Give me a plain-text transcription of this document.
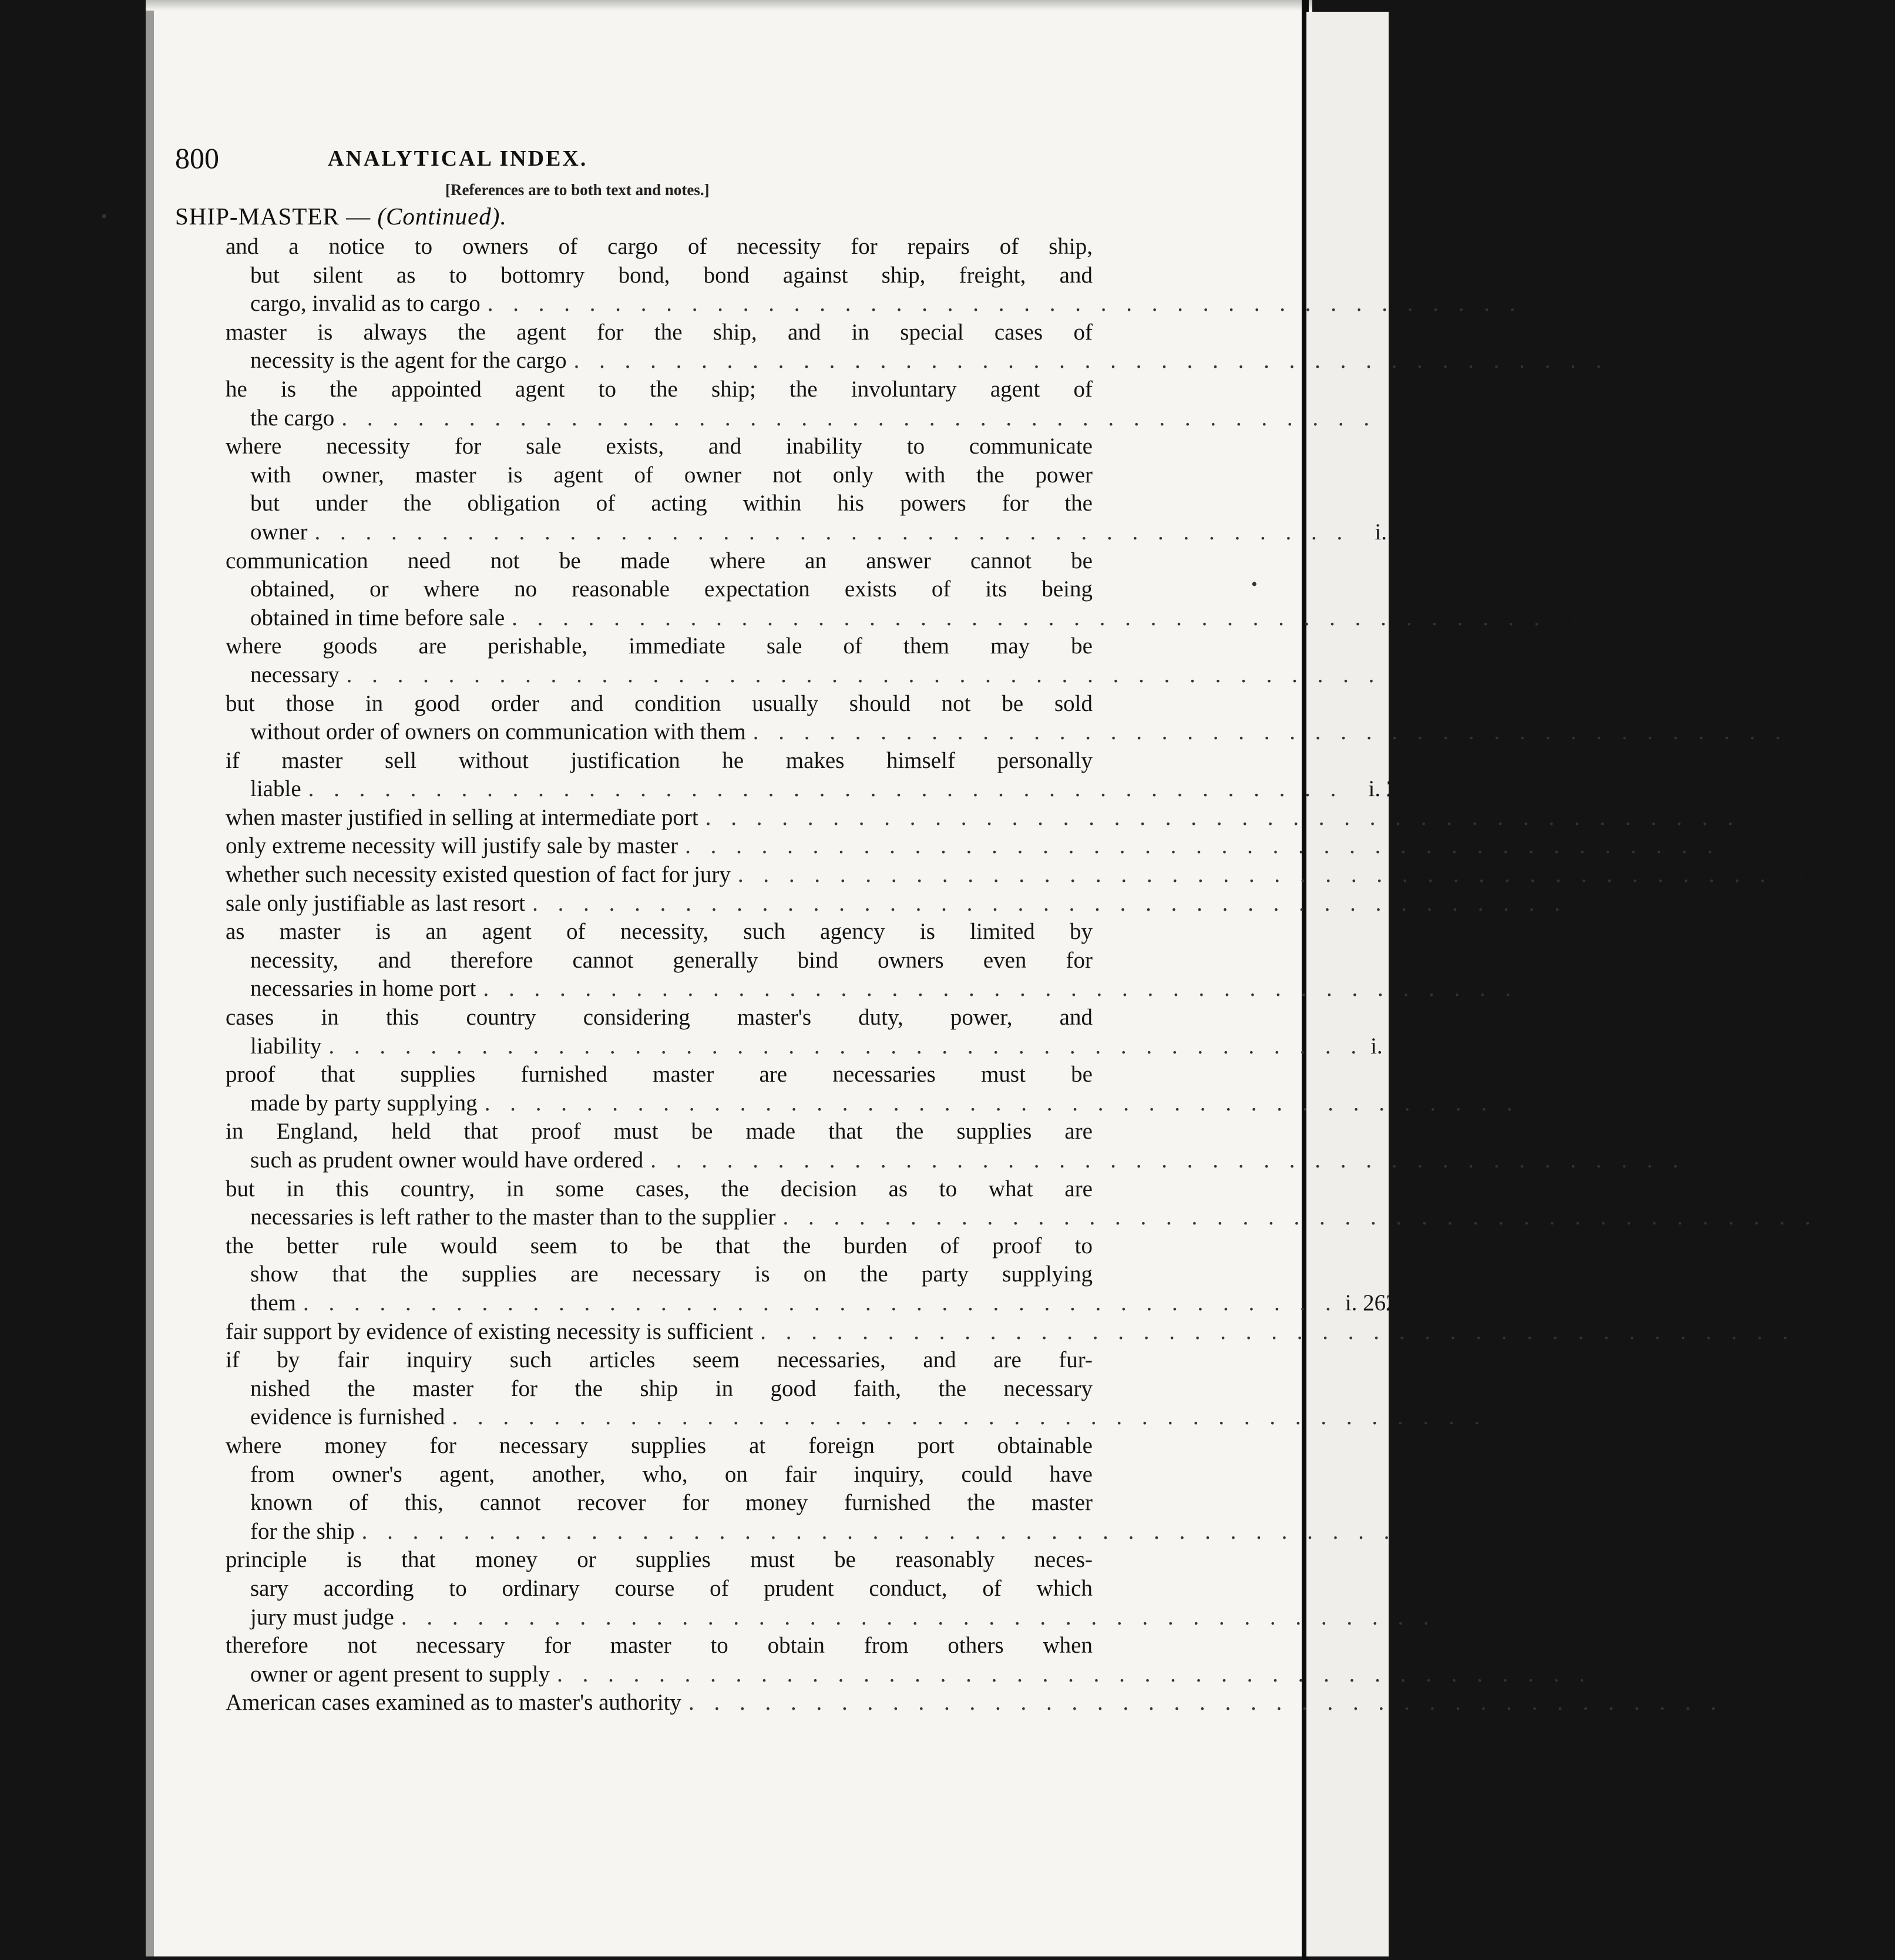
•
•
800	ANALYTICAL INDEX.
[References are to both text and notes.]
SHIP-MASTER — (Continued).
and a notice to owners of cargo of necessity for repairs of ship,
but silent as to bottomry bond, bond against ship, freight, and
cargo, invalid as to cargo . . . . . . . . . . . . . . . . . . . . . . . . . . . . . . . . . . . . . . . . . i. 256, 257
master is always the agent for the ship, and in special cases of
necessity is the agent for the cargo . . . . . . . . . . . . . . . . . . . . . . . . . . . . . . . . . . . . . . . . .	i. 257
he is the appointed agent to the ship; the involuntary agent of
the cargo . . . . . . . . . . . . . . . . . . . . . . . . . . . . . . . . . . . . . . . . .	i. 257
where necessity for sale exists, and inability to communicate
with owner, master is agent of owner not only with the power
but under the obligation of acting within his powers for the
owner . . . . . . . . . . . . . . . . . . . . . . . . . . . . . . . . . . . . . . . . .	i. 258
communication need not be made where an answer cannot be
obtained, or where no reasonable expectation exists of its being
obtained in time before sale . . . . . . . . . . . . . . . . . . . . . . . . . . . . . . . . . . . . . . . . .	i. 258
where goods are perishable, immediate sale of them may be
necessary . . . . . . . . . . . . . . . . . . . . . . . . . . . . . . . . . . . . . . . . .	i. 258
but those in good order and condition usually should not be sold
without order of owners on communication with them . . . . . . . . . . . . . . . . . . . . . . . . . . . . . . . . . . . . . . . . .	i. 258
if master sell without justification he makes himself personally
liable . . . . . . . . . . . . . . . . . . . . . . . . . . . . . . . . . . . . . . . . .	i. 258
when master justified in selling at intermediate port . . . . . . . . . . . . . . . . . . . . . . . . . . . . . . . . . . . . . . . . .	i. 258
only extreme necessity will justify sale by master . . . . . . . . . . . . . . . . . . . . . . . . . . . . . . . . . . . . . . . . .	i. 259
whether such necessity existed question of fact for jury . . . . . . . . . . . . . . . . . . . . . . . . . . . . . . . . . . . . . . . . .	i. 259
sale only justifiable as last resort . . . . . . . . . . . . . . . . . . . . . . . . . . . . . . . . . . . . . . . . . i. 259, 260
as master is an agent of necessity, such agency is limited by
necessity, and therefore cannot generally bind owners even for
necessaries in home port . . . . . . . . . . . . . . . . . . . . . . . . . . . . . . . . . . . . . . . . . i. 259-261
cases in this country considering master's duty, power, and
liability . . . . . . . . . . . . . . . . . . . . . . . . . . . . . . . . . . . . . . . . . i. 258-261
proof that supplies furnished master are necessaries must be
made by party supplying . . . . . . . . . . . . . . . . . . . . . . . . . . . . . . . . . . . . . . . . .	i. 261
in England, held that proof must be made that the supplies are
such as prudent owner would have ordered . . . . . . . . . . . . . . . . . . . . . . . . . . . . . . . . . . . . . . . . .	i. 261
but in this country, in some cases, the decision as to what are
necessaries is left rather to the master than to the supplier . . . . . . . . . . . . . . . . . . . . . . . . . . . . . . . . . . . . . . . . .	i. 261
the better rule would seem to be that the burden of proof to
show that the supplies are necessary is on the party supplying
them . . . . . . . . . . . . . . . . . . . . . . . . . . . . . . . . . . . . . . . . . i. 262, 263
fair support by evidence of existing necessity is sufficient . . . . . . . . . . . . . . . . . . . . . . . . . . . . . . . . . . . . . . . . .	i. 263
if by fair inquiry such articles seem necessaries, and are fur-
nished the master for the ship in good faith, the necessary
evidence is furnished . . . . . . . . . . . . . . . . . . . . . . . . . . . . . . . . . . . . . . . . .	i. 263
where money for necessary supplies at foreign port obtainable
from owner's agent, another, who, on fair inquiry, could have
known of this, cannot recover for money furnished the master
for the ship . . . . . . . . . . . . . . . . . . . . . . . . . . . . . . . . . . . . . . . . . i. 262-264
principle is that money or supplies must be reasonably neces-
sary according to ordinary course of prudent conduct, of which
jury must judge . . . . . . . . . . . . . . . . . . . . . . . . . . . . . . . . . . . . . . . . .	i. 264
therefore not necessary for master to obtain from others when
owner or agent present to supply . . . . . . . . . . . . . . . . . . . . . . . . . . . . . . . . . . . . . . . . . i. 264, 265
American cases examined as to master's authority . . . . . . . . . . . . . . . . . . . . . . . . . . . . . . . . . . . . . . . . . i. 265-269
